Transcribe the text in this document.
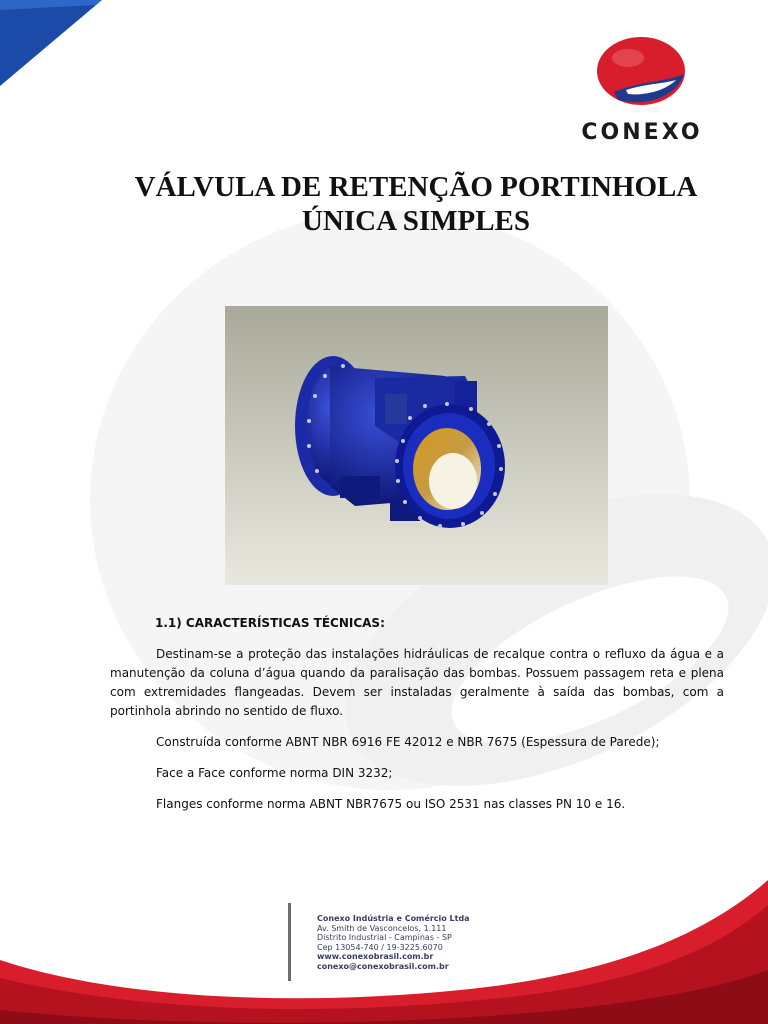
CONEXO
VÁLVULA DE RETENÇÃO PORTINHOLA
ÚNICA SIMPLES
1.1) CARACTERÍSTICAS TÉCNICAS:
Destinam-se a proteção das instalações hidráulicas de recalque contra o refluxo da água e a manutenção da coluna d’água quando da paralisação das bombas. Possuem passagem reta e plena com extremidades flangeadas. Devem ser instaladas geralmente à saída das bombas, com a portinhola abrindo no sentido de fluxo.
Construída conforme ABNT NBR 6916 FE 42012 e NBR 7675 (Espessura de Parede);
Face a Face conforme norma DIN 3232;
Flanges conforme norma ABNT NBR7675 ou ISO 2531 nas classes PN 10 e 16.
Conexo Indústria e Comércio Ltda
Av. Smith de Vasconcelos, 1.111
Distrito Industrial - Campinas - SP
Cep 13054-740 / 19-3225.6070
www.conexobrasil.com.br
conexo@conexobrasil.com.br
